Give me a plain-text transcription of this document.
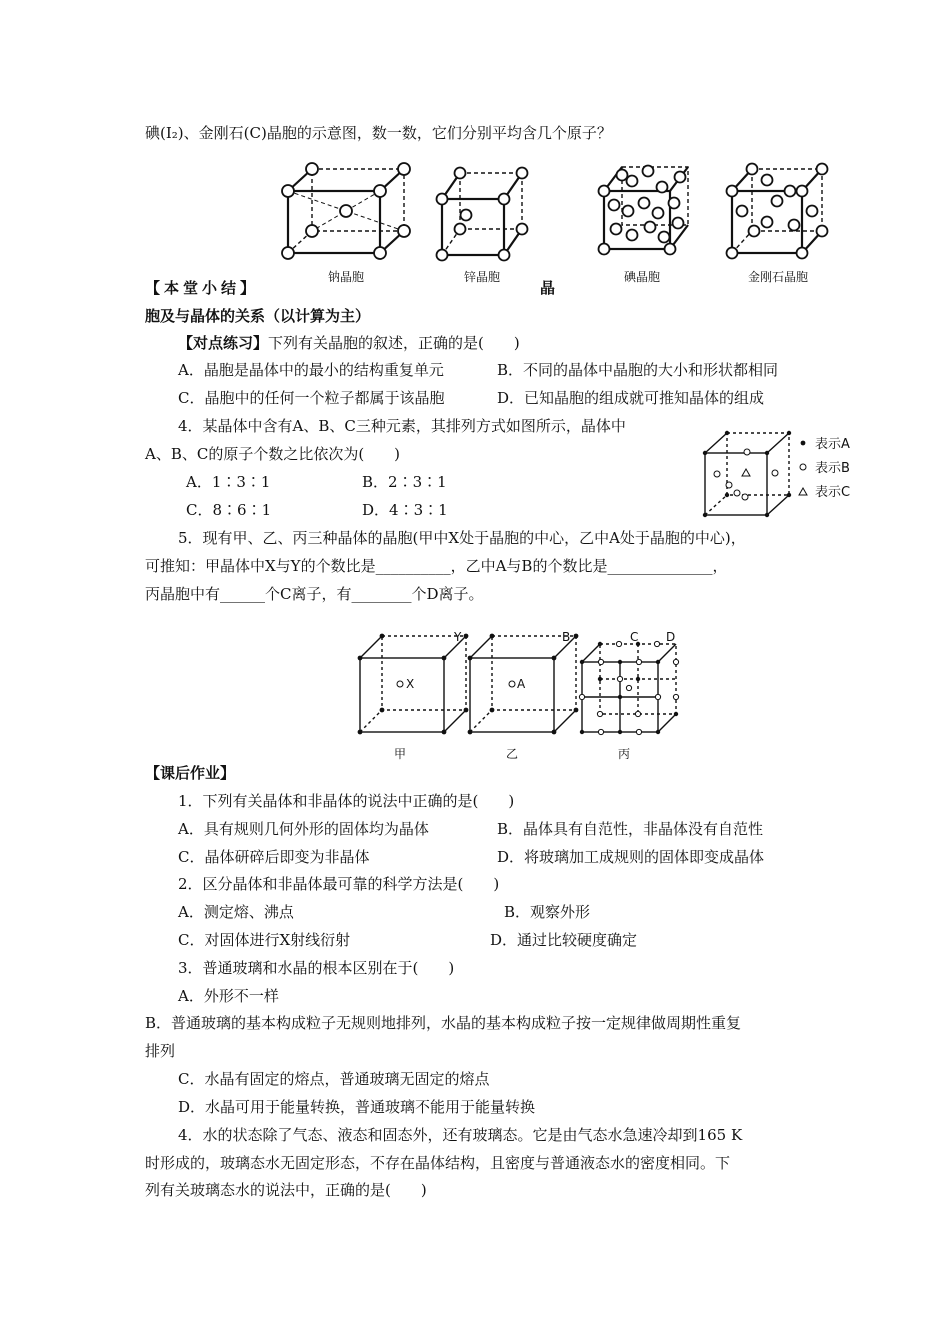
碘(I₂)、金刚石(C)晶胞的示意图，数一数，它们分别平均含几个原子？
钠晶胞	锌晶胞	碘晶胞	金刚石晶胞
【本堂小结】	晶
胞及与晶体的关系（以计算为主）
【对点练习】下列有关晶胞的叙述，正确的是(　　)
A．晶胞是晶体中的最小的结构重复单元	B．不同的晶体中晶胞的大小和形状都相同
C．晶胞中的任何一个粒子都属于该晶胞	D．已知晶胞的组成就可推知晶体的组成
4．某晶体中含有A、B、C三种元素，其排列方式如图所示，晶体中
A、B、C的原子个数之比依次为(　　)
A．1∶3∶1	B．2∶3∶1
C．8∶6∶1	D．4∶3∶1
表示A
表示B
表示C
5．现有甲、乙、丙三种晶体的晶胞(甲中X处于晶胞的中心，乙中A处于晶胞的中心)，
可推知：甲晶体中X与Y的个数比是__________，乙中A与B的个数比是______________，
丙晶胞中有______个C离子，有________个D离子。
X
Y
A
B	C D
甲	乙	丙
【课后作业】
1．下列有关晶体和非晶体的说法中正确的是(　　)
A．具有规则几何外形的固体均为晶体	B．晶体具有自范性，非晶体没有自范性
C．晶体研碎后即变为非晶体	D．将玻璃加工成规则的固体即变成晶体
2．区分晶体和非晶体最可靠的科学方法是(　　)
A．测定熔、沸点	B．观察外形
C．对固体进行X射线衍射	D．通过比较硬度确定
3．普通玻璃和水晶的根本区别在于(　　)
A．外形不一样
B．普通玻璃的基本构成粒子无规则地排列，水晶的基本构成粒子按一定规律做周期性重复
排列
C．水晶有固定的熔点，普通玻璃无固定的熔点
D．水晶可用于能量转换，普通玻璃不能用于能量转换
4．水的状态除了气态、液态和固态外，还有玻璃态。它是由气态水急速冷却到165 K
时形成的，玻璃态水无固定形态，不存在晶体结构，且密度与普通液态水的密度相同。下
列有关玻璃态水的说法中，正确的是(　　)
